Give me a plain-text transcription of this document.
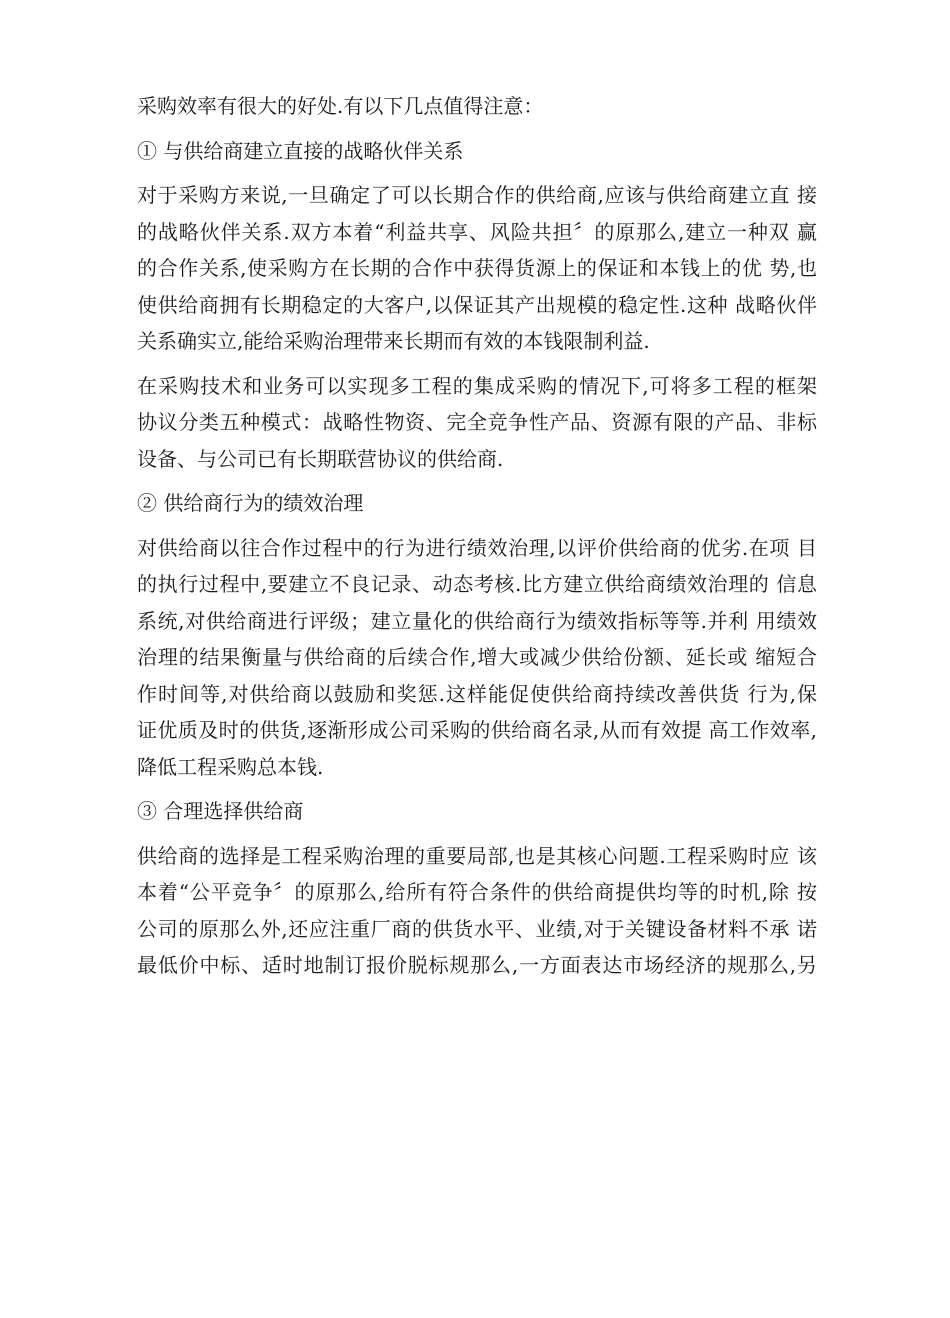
采购效率有很大的好处.有以下几点值得注意：
① 与供给商建立直接的战略伙伴关系
对于采购方来说,一旦确定了可以长期合作的供给商,应该与供给商建立直 接
的战略伙伴关系.双方本着“利益共享、风险共担〞的原那么,建立一种双 赢
的合作关系,使采购方在长期的合作中获得货源上的保证和本钱上的优 势,也
使供给商拥有长期稳定的大客户,以保证其产出规模的稳定性.这种 战略伙伴
关系确实立,能给采购治理带来长期而有效的本钱限制利益.
在采购技术和业务可以实现多工程的集成采购的情况下,可将多工程的框架
协议分类五种模式：战略性物资、完全竞争性产品、资源有限的产品、非标
设备、与公司已有长期联营协议的供给商.
② 供给商行为的绩效治理
对供给商以往合作过程中的行为进行绩效治理,以评价供给商的优劣.在项 目
的执行过程中,要建立不良记录、动态考核.比方建立供给商绩效治理的 信息
系统,对供给商进行评级；建立量化的供给商行为绩效指标等等.并利 用绩效
治理的结果衡量与供给商的后续合作,增大或减少供给份额、延长或 缩短合
作时间等,对供给商以鼓励和奖惩.这样能促使供给商持续改善供货 行为,保
证优质及时的供货,逐渐形成公司采购的供给商名录,从而有效提 高工作效率,
降低工程采购总本钱.
③ 合理选择供给商
供给商的选择是工程采购治理的重要局部,也是其核心问题.工程采购时应 该
本着“公平竞争〞的原那么,给所有符合条件的供给商提供均等的时机,除 按
公司的原那么外,还应注重厂商的供货水平、业绩,对于关键设备材料不承 诺
最低价中标、适时地制订报价脱标规那么,一方面表达市场经济的规那么,另
